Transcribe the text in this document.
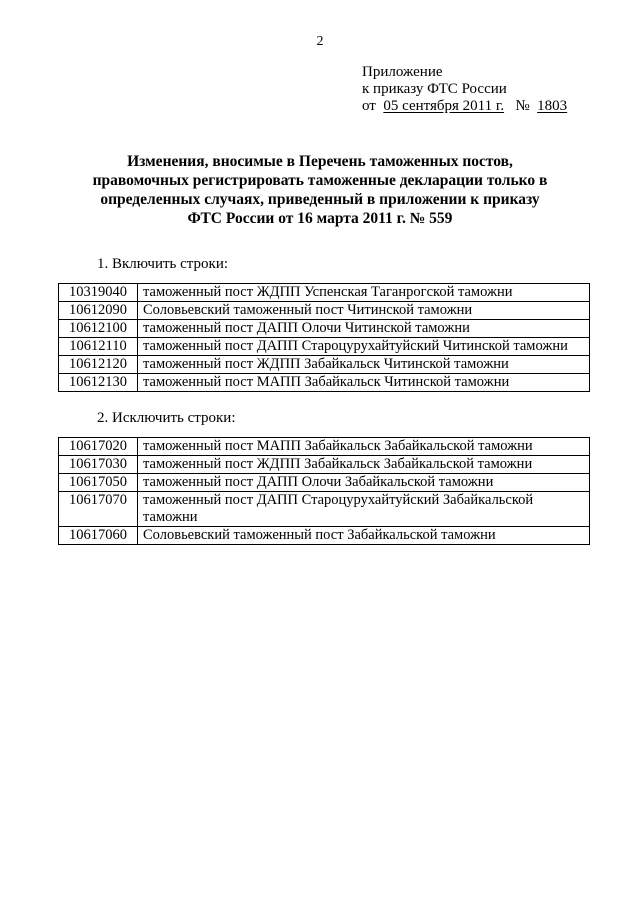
2
Приложение
к приказу ФТС России
от 05 сентября 2011 г. № 1803
Изменения, вносимые в Перечень таможенных постов,
правомочных регистрировать таможенные декларации только в
определенных случаях, приведенный в приложении к приказу
ФТС России от 16 марта 2011 г. № 559
1. Включить строки:
10319040	таможенный пост ЖДПП Успенская Таганрогской таможни
10612090	Соловьевский таможенный пост Читинской таможни
10612100	таможенный пост ДАПП Олочи Читинской таможни
10612110	таможенный пост ДАПП Староцурухайтуйский Читинской таможни
10612120	таможенный пост ЖДПП Забайкальск Читинской таможни
10612130	таможенный пост МАПП Забайкальск Читинской таможни
2. Исключить строки:
10617020	таможенный пост МАПП Забайкальск Забайкальской таможни
10617030	таможенный пост ЖДПП Забайкальск Забайкальской таможни
10617050	таможенный пост ДАПП Олочи Забайкальской таможни
10617070	таможенный пост ДАПП Староцурухайтуйский Забайкальской таможни
10617060	Соловьевский таможенный пост Забайкальской таможни
